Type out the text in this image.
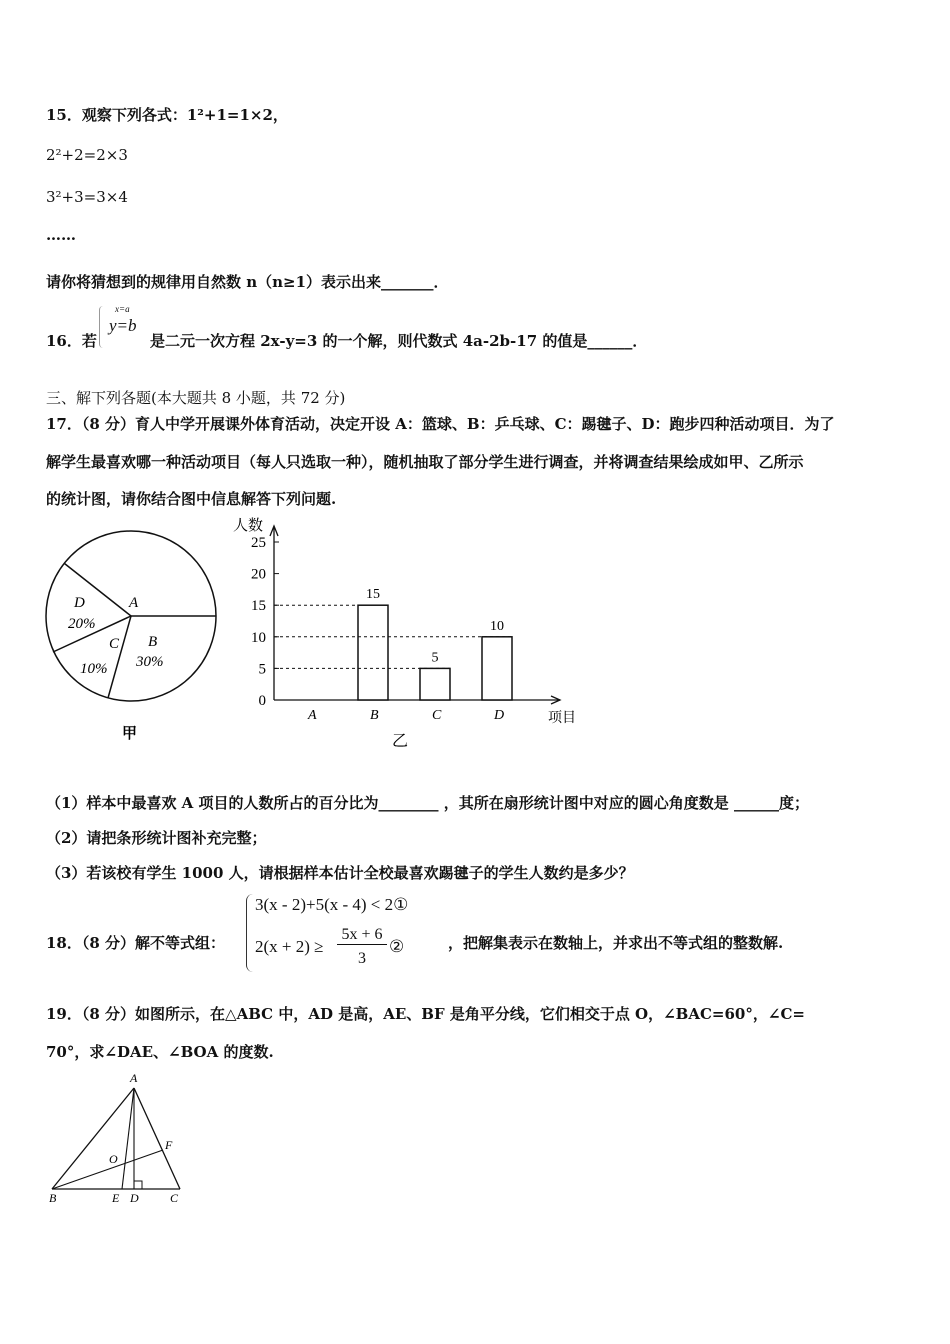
15．观察下列各式：1²+1=1×2，
2²+2=2×3
3²+3=3×4
……
请你将猜想到的规律用自然数 n（n≥1）表示出来_______．
16．若
x=a
y=b
是二元一次方程 2x-y=3 的一个解，则代数式 4a-2b-17 的值是______．
三、解下列各题(本大题共 8 小题，共 72 分)
17．（8 分）育人中学开展课外体育活动，决定开设 A：篮球、B：乒乓球、C：踢毽子、D：跑步四种活动项目．为了
解学生最喜欢哪一种活动项目（每人只选取一种），随机抽取了部分学生进行调查，并将调查结果绘成如甲、乙所示
的统计图，请你结合图中信息解答下列问题.
A
D
20%
C
10%
B
30%
甲
人数
0
5
10
15
20
25
A	B
15
C
5
D
10
项目
乙
（1）样本中最喜欢 A 项目的人数所占的百分比为________ ，其所在扇形统计图中对应的圆心角度数是 ______度；
（2）请把条形统计图补充完整；
（3）若该校有学生 1000 人，请根据样本估计全校最喜欢踢毽子的学生人数约是多少？
18．（8 分）解不等式组：
3(x - 2)+5(x - 4) < 2①
2(x + 2) ≥
5x + 6
3
②	，把解集表示在数轴上，并求出不等式组的整数解.
19．（8 分）如图所示，在△ABC 中，AD 是高，AE、BF 是角平分线，它们相交于点 O，∠BAC=60°，∠C=
70°，求∠DAE、∠BOA 的度数.
A
B	C
D
E
F
O
